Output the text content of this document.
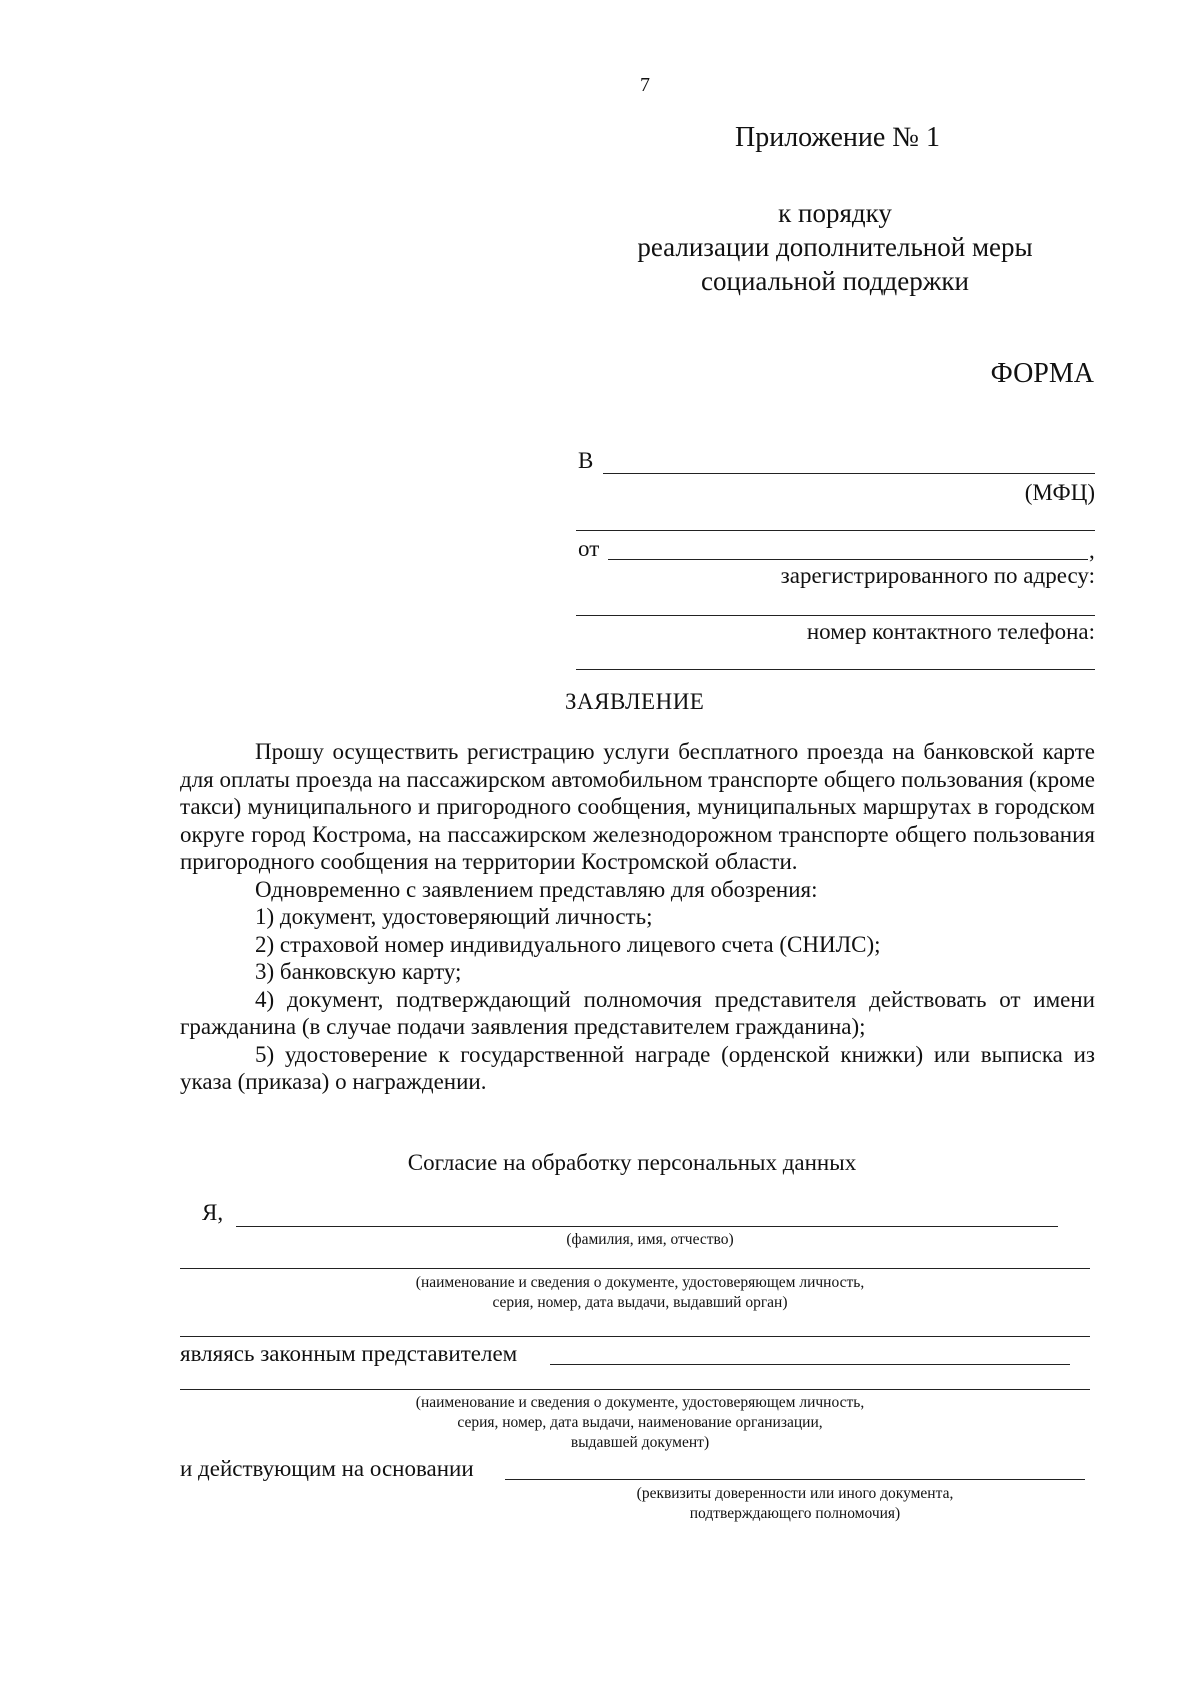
7
Приложение № 1
к порядку
реализации дополнительной меры
социальной поддержки
ФОРМА
В
(МФЦ)
от	,
зарегистрированного по адресу:
номер контактного телефона:
ЗАЯВЛЕНИЕ

Прошу осуществить регистрацию услуги бесплатного проезда на банковской карте для оплаты проезда на пассажирском автомобильном транспорте общего пользования (кроме такси) муниципального и пригородного сообщения, муниципальных маршрутах в городском округе город Кострома, на пассажирском железнодорожном транспорте общего пользования пригородного сообщения на территории Костромской области.

Одновременно с заявлением представляю для обозрения:

1) документ, удостоверяющий личность;

2) страховой номер индивидуального лицевого счета (СНИЛС);

3) банковскую карту;

4) документ, подтверждающий полномочия представителя действовать от имени гражданина (в случае подачи заявления представителем гражданина);

5) удостоверение к государственной награде (орденской книжки) или выписка из указа (приказа) о награждении.

Согласие на обработку персональных данных
Я,
(фамилия, имя, отчество)
(наименование и сведения о документе, удостоверяющем личность,
серия, номер, дата выдачи, выдавший орган)
являясь законным представителем
(наименование и сведения о документе, удостоверяющем личность,
серия, номер, дата выдачи, наименование организации,
выдавшей документ)
и действующим на основании
(реквизиты доверенности или иного документа,
подтверждающего полномочия)
